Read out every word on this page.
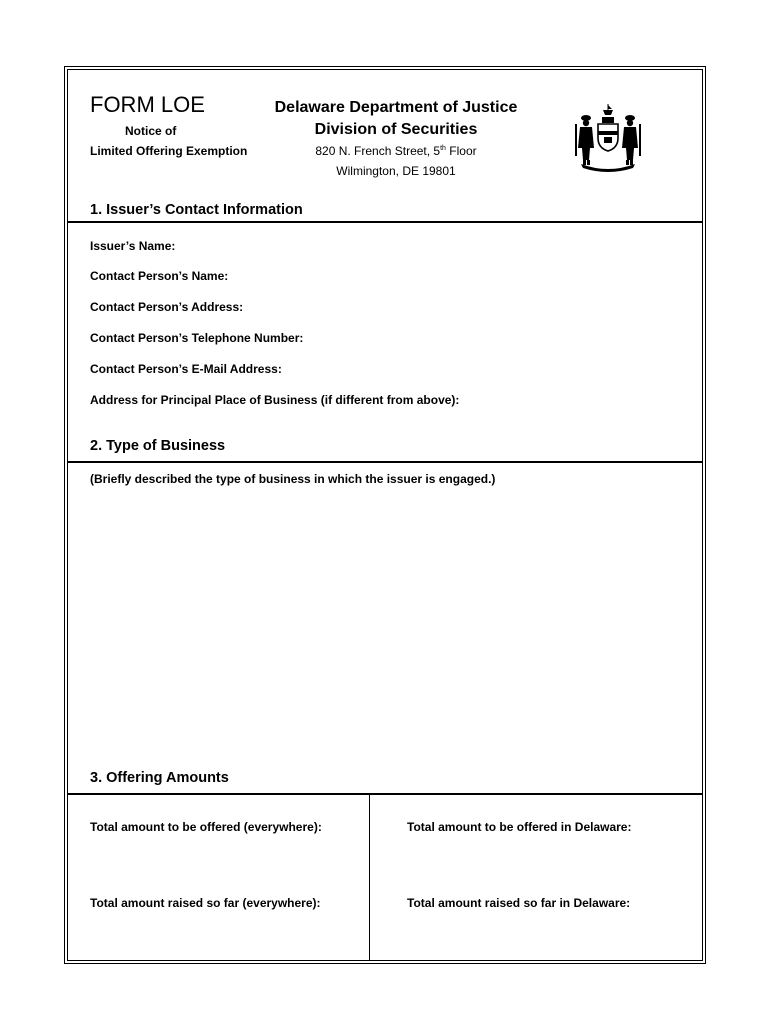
FORM LOE
Notice of
Limited Offering Exemption
Delaware Department of Justice
Division of Securities
820 N. French Street, 5th Floor
Wilmington, DE 19801
1. Issuer’s Contact Information
Issuer’s Name:
Contact Person’s Name:
Contact Person’s Address:
Contact Person’s Telephone Number:
Contact Person’s E-Mail Address:
Address for Principal Place of Business (if different from above):
2. Type of Business
(Briefly described the type of business in which the issuer is engaged.)
3. Offering Amounts
Total amount to be offered (everywhere):	Total amount to be offered in Delaware:
Total amount raised so far (everywhere):	Total amount raised so far in Delaware:
